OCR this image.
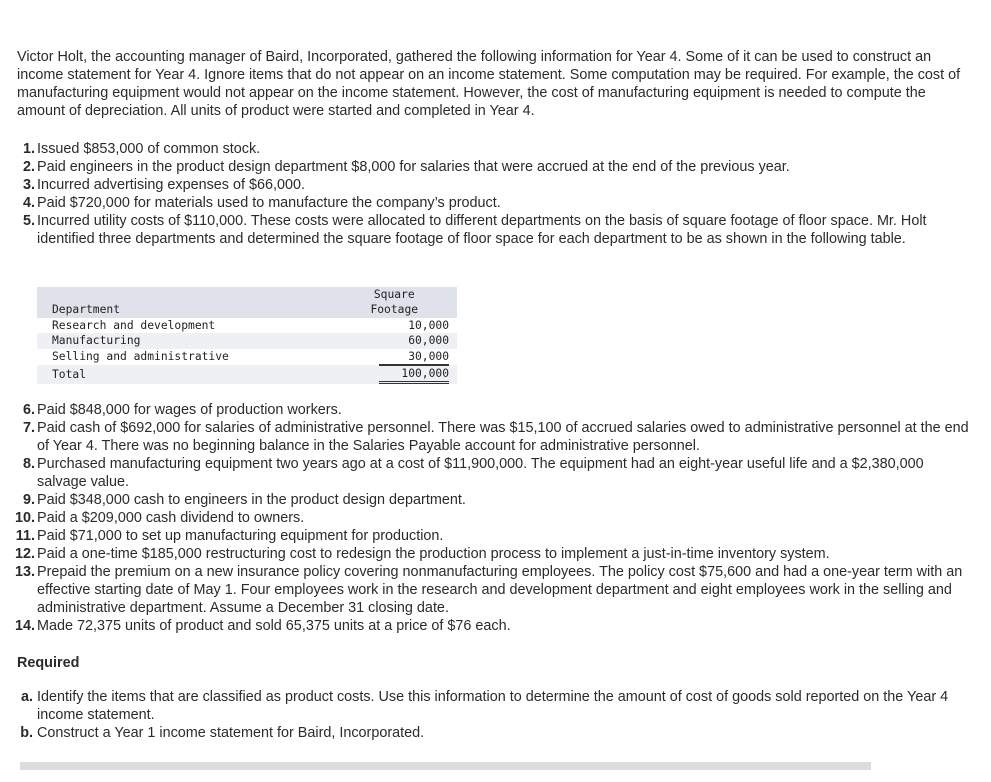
Victor Holt, the accounting manager of Baird, Incorporated, gathered the following information for Year 4. Some of it can be used to construct an income statement for Year 4. Ignore items that do not appear on an income statement. Some computation may be required. For example, the cost of manufacturing equipment would not appear on the income statement. However, the cost of manufacturing equipment is needed to compute the amount of depreciation. All units of product were started and completed in Year 4.

1. Issued $853,000 of common stock.
2. Paid engineers in the product design department $8,000 for salaries that were accrued at the end of the previous year.
3. Incurred advertising expenses of $66,000.
4. Paid $720,000 for materials used to manufacture the company’s product.
5. Incurred utility costs of $110,000. These costs were allocated to different departments on the basis of square footage of floor space. Mr. Holt identified three departments and determined the square footage of floor space for each department to be as shown in the following table.
	Square
Department	Footage
Research and development	10,000
Manufacturing	60,000
Selling and administrative	30,000
Total	100,000
6. Paid $848,000 for wages of production workers.
7. Paid cash of $692,000 for salaries of administrative personnel. There was $15,100 of accrued salaries owed to administrative personnel at the end of Year 4. There was no beginning balance in the Salaries Payable account for administrative personnel.
8. Purchased manufacturing equipment two years ago at a cost of $11,900,000. The equipment had an eight-year useful life and a $2,380,000 salvage value.
9. Paid $348,000 cash to engineers in the product design department.
10. Paid a $209,000 cash dividend to owners.
11. Paid $71,000 to set up manufacturing equipment for production.
12. Paid a one-time $185,000 restructuring cost to redesign the production process to implement a just-in-time inventory system.
13. Prepaid the premium on a new insurance policy covering nonmanufacturing employees. The policy cost $75,600 and had a one-year term with an effective starting date of May 1. Four employees work in the research and development department and eight employees work in the selling and administrative department. Assume a December 31 closing date.
14. Made 72,375 units of product and sold 65,375 units at a price of $76 each.

Required

a. Identify the items that are classified as product costs. Use this information to determine the amount of cost of goods sold reported on the Year 4 income statement.
b. Construct a Year 1 income statement for Baird, Incorporated.
